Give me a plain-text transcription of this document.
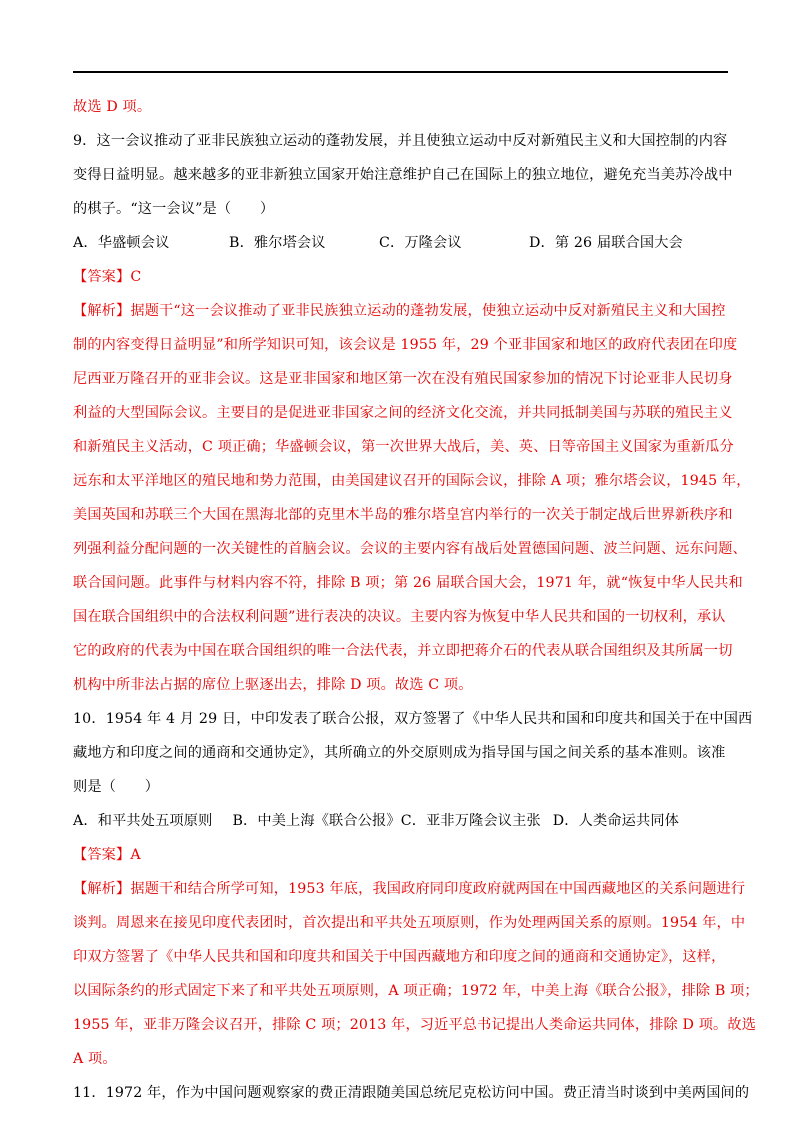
故选 D 项。
9．这一会议推动了亚非民族独立运动的蓬勃发展，并且使独立运动中反对新殖民主义和大国控制的内容
变得日益明显。越来越多的亚非新独立国家开始注意维护自己在国际上的独立地位，避免充当美苏冷战中
的棋子。“这一会议”是（　　）
A．华盛顿会议	B．雅尔塔会议	C．万隆会议	D．第 26 届联合国大会
【答案】C
【解析】据题干“这一会议推动了亚非民族独立运动的蓬勃发展，使独立运动中反对新殖民主义和大国控
制的内容变得日益明显”和所学知识可知，该会议是 1955 年，29 个亚非国家和地区的政府代表团在印度
尼西亚万隆召开的亚非会议。这是亚非国家和地区第一次在没有殖民国家参加的情况下讨论亚非人民切身
利益的大型国际会议。主要目的是促进亚非国家之间的经济文化交流，并共同抵制美国与苏联的殖民主义
和新殖民主义活动，C 项正确；华盛顿会议，第一次世界大战后，美、英、日等帝国主义国家为重新瓜分
远东和太平洋地区的殖民地和势力范围，由美国建议召开的国际会议，排除 A 项；雅尔塔会议，1945 年，
美国英国和苏联三个大国在黑海北部的克里木半岛的雅尔塔皇宫内举行的一次关于制定战后世界新秩序和
列强利益分配问题的一次关键性的首脑会议。会议的主要内容有战后处置德国问题、波兰问题、远东问题、
联合国问题。此事件与材料内容不符，排除 B 项；第 26 届联合国大会，1971 年，就“恢复中华人民共和
国在联合国组织中的合法权利问题”进行表决的决议。主要内容为恢复中华人民共和国的一切权利，承认
它的政府的代表为中国在联合国组织的唯一合法代表，并立即把蒋介石的代表从联合国组织及其所属一切
机构中所非法占据的席位上驱逐出去，排除 D 项。故选 C 项。
10．1954 年 4 月 29 日，中印发表了联合公报，双方签署了《中华人民共和国和印度共和国关于在中国西
藏地方和印度之间的通商和交通协定》，其所确立的外交原则成为指导国与国之间关系的基本准则。该准
则是（　　）
A．和平共处五项原则 B．中美上海《联合公报》 C．亚非万隆会议主张 D．人类命运共同体
【答案】A
【解析】据题干和结合所学可知，1953 年底，我国政府同印度政府就两国在中国西藏地区的关系问题进行
谈判。周恩来在接见印度代表团时，首次提出和平共处五项原则，作为处理两国关系的原则。1954 年，中
印双方签署了《中华人民共和国和印度共和国关于中国西藏地方和印度之间的通商和交通协定》，这样，
以国际条约的形式固定下来了和平共处五项原则，A 项正确；1972 年，中美上海《联合公报》，排除 B 项；
1955 年，亚非万隆会议召开，排除 C 项；2013 年，习近平总书记提出人类命运共同体，排除 D 项。故选
A 项。
11．1972 年，作为中国问题观察家的费正清跟随美国总统尼克松访问中国。费正清当时谈到中美两国间的
